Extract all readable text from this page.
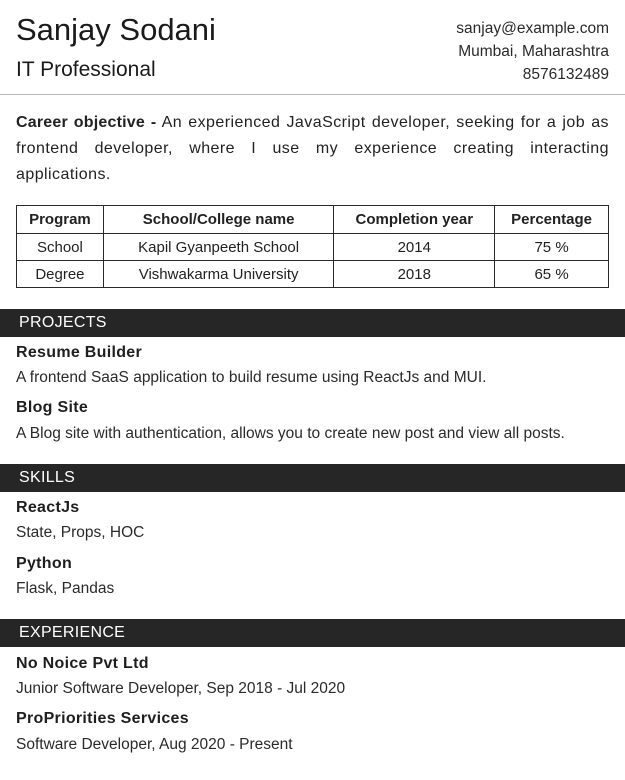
Sanjay Sodani
IT Professional
sanjay@example.com
Mumbai, Maharashtra
8576132489
Career objective - An experienced JavaScript developer, seeking for a job as frontend developer, where I use my experience creating interacting applications.
Program	School/College name	Completion year	Percentage
School	Kapil Gyanpeeth School	2014	75 %
Degree	Vishwakarma University	2018	65 %
PROJECTS
Resume Builder
A frontend SaaS application to build resume using ReactJs and MUI.
Blog Site
A Blog site with authentication, allows you to create new post and view all posts.
SKILLS
ReactJs
State, Props, HOC
Python
Flask, Pandas
EXPERIENCE
No Noice Pvt Ltd
Junior Software Developer, Sep 2018 - Jul 2020
ProPriorities Services
Software Developer, Aug 2020 - Present
